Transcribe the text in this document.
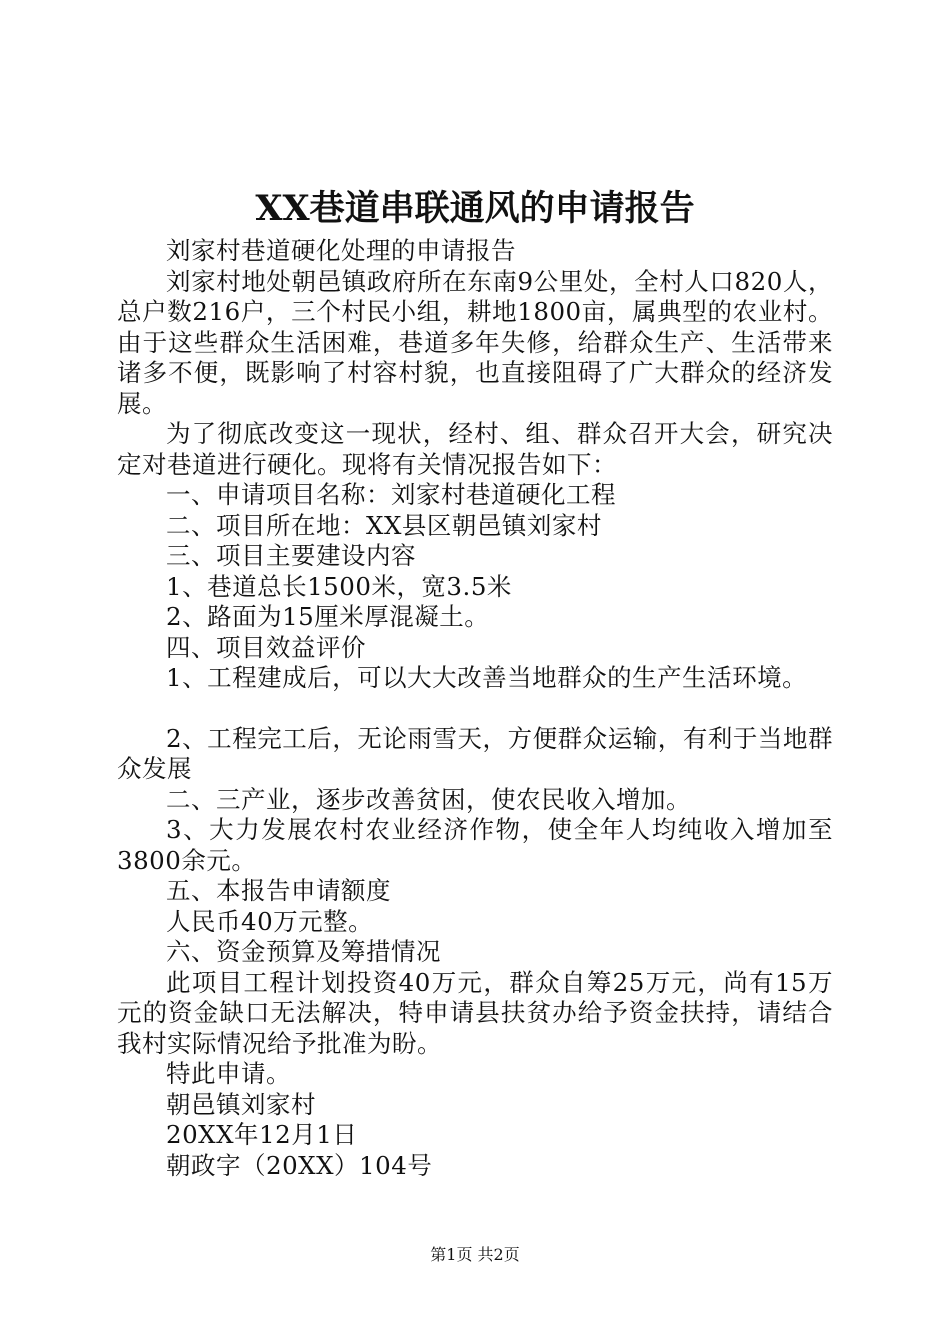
XX巷道串联通风的申请报告

刘家村巷道硬化处理的申请报告

刘家村地处朝邑镇政府所在东南9公里处，全村人口820人，总户数216户，三个村民小组，耕地1800亩，属典型的农业村。由于这些群众生活困难，巷道多年失修，给群众生产、生活带来诸多不便，既影响了村容村貌，也直接阻碍了广大群众的经济发展。

为了彻底改变这一现状，经村、组、群众召开大会，研究决定对巷道进行硬化。现将有关情况报告如下：

一、申请项目名称：刘家村巷道硬化工程

二、项目所在地：XX县区朝邑镇刘家村

三、项目主要建设内容

1、巷道总长1500米，宽3.5米

2、路面为15厘米厚混凝土。

四、项目效益评价

1、工程建成后，可以大大改善当地群众的生产生活环境。

2、工程完工后，无论雨雪天，方便群众运输，有利于当地群众发展

二、三产业，逐步改善贫困，使农民收入增加。

3、大力发展农村农业经济作物，使全年人均纯收入增加至3800余元。

五、本报告申请额度

人民币40万元整。

六、资金预算及筹措情况

此项目工程计划投资40万元，群众自筹25万元，尚有15万元的资金缺口无法解决，特申请县扶贫办给予资金扶持，请结合我村实际情况给予批准为盼。

特此申请。

朝邑镇刘家村

20XX年12月1日

朝政字（20XX）104号

第1页 共2页
